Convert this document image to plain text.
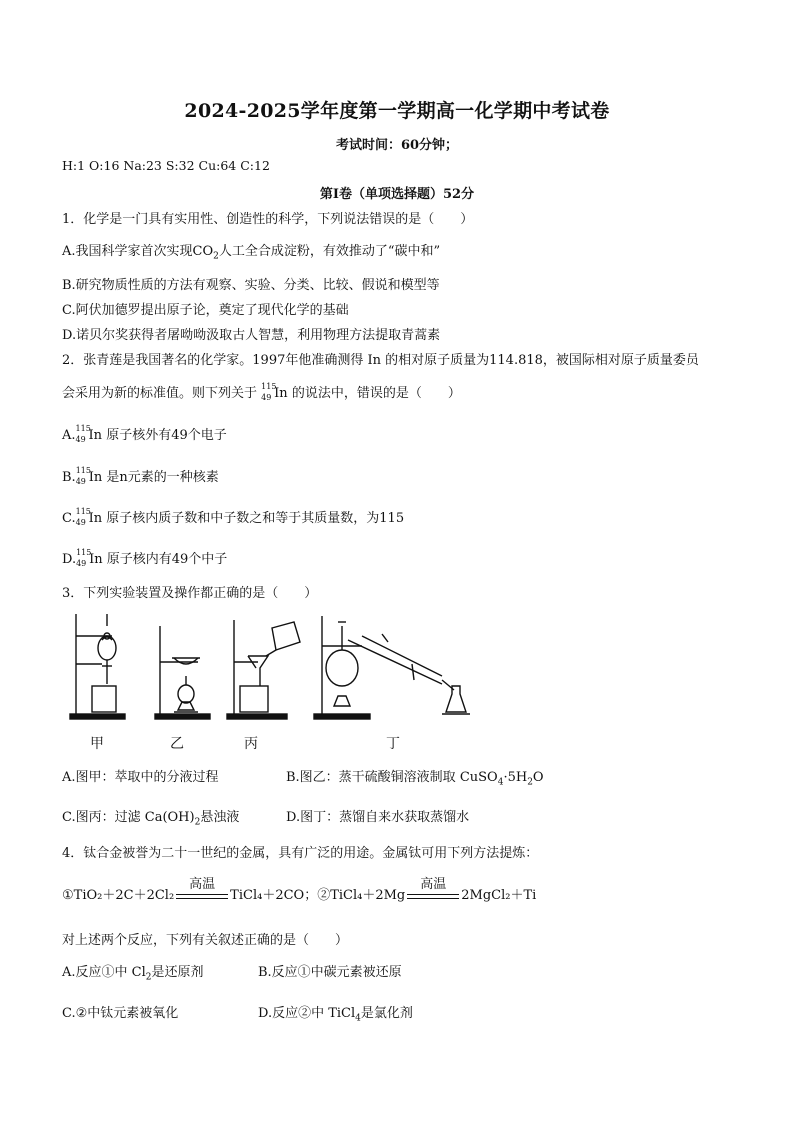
2024-2025学年度第一学期高一化学期中考试卷
考试时间：60分钟；
H:1 O:16 Na:23 S:32 Cu:64 C:12
第Ⅰ卷（单项选择题）52分
1．化学是一门具有实用性、创造性的科学，下列说法错误的是（　　）
A.我国科学家首次实现$CO_2$人工全合成淀粉，有效推动了“碳中和”
B.研究物质性质的方法有观察、实验、分类、比较、假说和模型等
C.阿伏加德罗提出原子论，奠定了现代化学的基础
D.诺贝尔奖获得者屠呦呦汲取古人智慧，利用物理方法提取青蒿素
2．张青莲是我国著名的化学家。1997年他准确测得 In 的相对原子质量为114.818，被国际相对原子质量委员
会采用为新的标准值。则下列关于 115
49 In 的说法中，错误的是（　　）
A. 115
49 In 原子核外有49个电子
B. 115
49 In 是n元素的一种核素
C. 115
49 In 原子核内质子数和中子数之和等于其质量数，为115
D. 115
49 In 原子核内有49个中子
3．下列实验装置及操作都正确的是（　　）
甲	乙	丙	丁
A.图甲：萃取中的分液过程	B.图乙：蒸干硫酸铜溶液制取 $CuSO_4\cdot 5H_2O$
C.图丙：过滤 $Ca(OH)_2$悬浊液	D.图丁：蒸馏自来水获取蒸馏水
4．钛合金被誉为二十一世纪的金属，具有广泛的用途。金属钛可用下列方法提炼：
①TiO₂＋2C＋2Cl₂
高温
TiCl₄＋2CO；②TiCl₄＋2Mg
高温
2MgCl₂＋Ti
对上述两个反应，下列有关叙述正确的是（　　）
A.反应①中 $Cl_2$是还原剂	B.反应①中碳元素被还原
C.②中钛元素被氧化	D.反应②中 TiCl$_4$是氯化剂
